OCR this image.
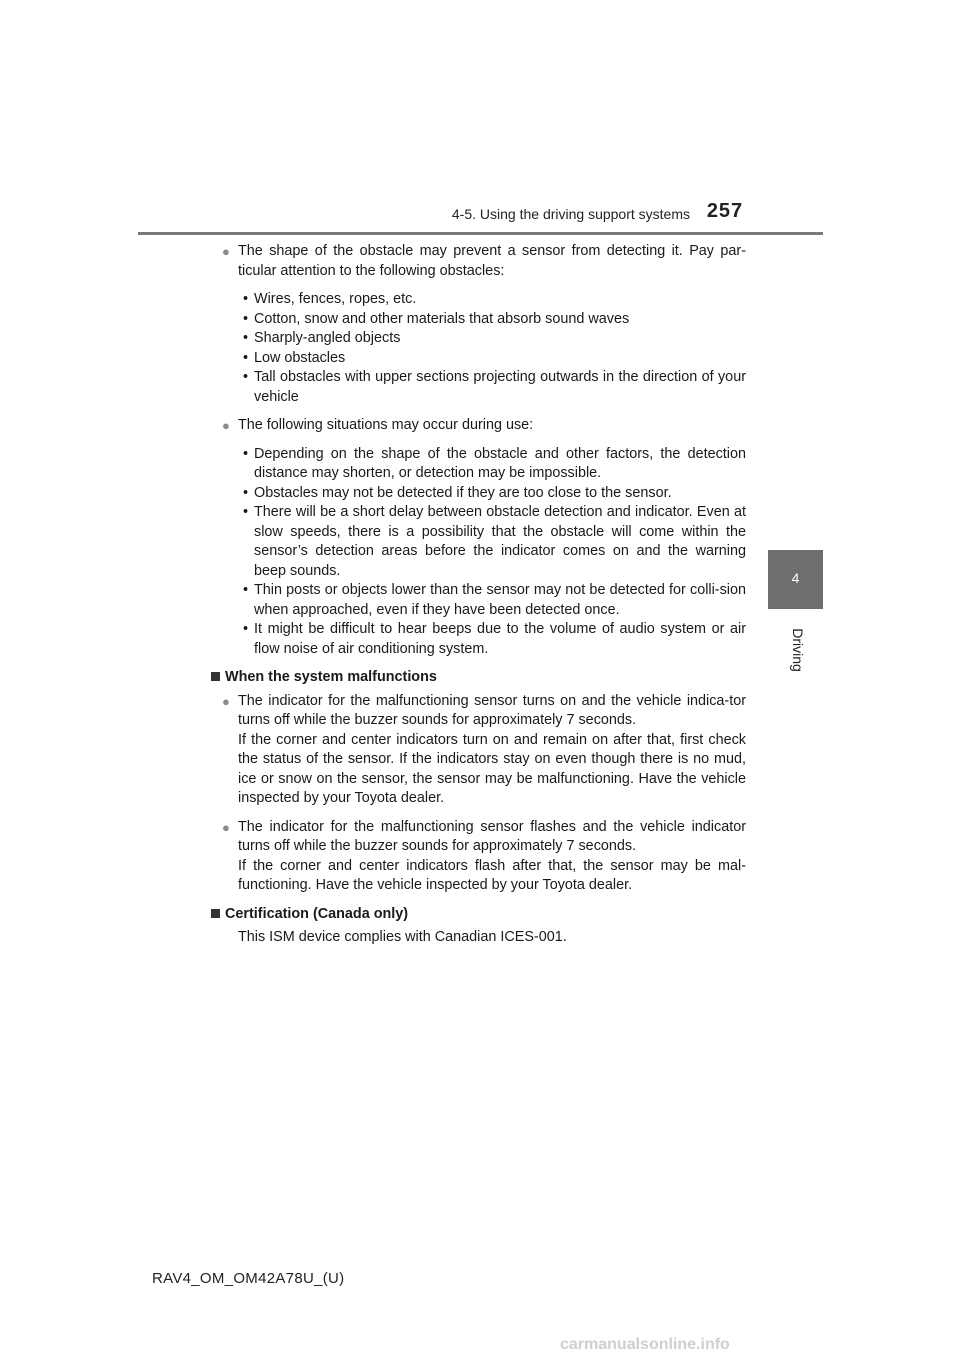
4-5. Using the driving support systems 257
4
Driving
● The shape of the obstacle may prevent a sensor from detecting it. Pay par-ticular attention to the following obstacles:
• Wires, fences, ropes, etc.
• Cotton, snow and other materials that absorb sound waves
• Sharply-angled objects
• Low obstacles
• Tall obstacles with upper sections projecting outwards in the direction of your vehicle
● The following situations may occur during use:
• Depending on the shape of the obstacle and other factors, the detection distance may shorten, or detection may be impossible.
• Obstacles may not be detected if they are too close to the sensor.
• There will be a short delay between obstacle detection and indicator. Even at slow speeds, there is a possibility that the obstacle will come within the sensor’s detection areas before the indicator comes on and the warning beep sounds.
• Thin posts or objects lower than the sensor may not be detected for colli-sion when approached, even if they have been detected once.
• It might be difficult to hear beeps due to the volume of audio system or air flow noise of air conditioning system.
When the system malfunctions
● The indicator for the malfunctioning sensor turns on and the vehicle indica-tor turns off while the buzzer sounds for approximately 7 seconds.
If the corner and center indicators turn on and remain on after that, first check the status of the sensor. If the indicators stay on even though there is no mud, ice or snow on the sensor, the sensor may be malfunctioning. Have the vehicle inspected by your Toyota dealer.
● The indicator for the malfunctioning sensor flashes and the vehicle indicator turns off while the buzzer sounds for approximately 7 seconds.
If the corner and center indicators flash after that, the sensor may be mal-functioning. Have the vehicle inspected by your Toyota dealer.
Certification (Canada only)
This ISM device complies with Canadian ICES-001.
RAV4_OM_OM42A78U_(U)
carmanualsonline.info
